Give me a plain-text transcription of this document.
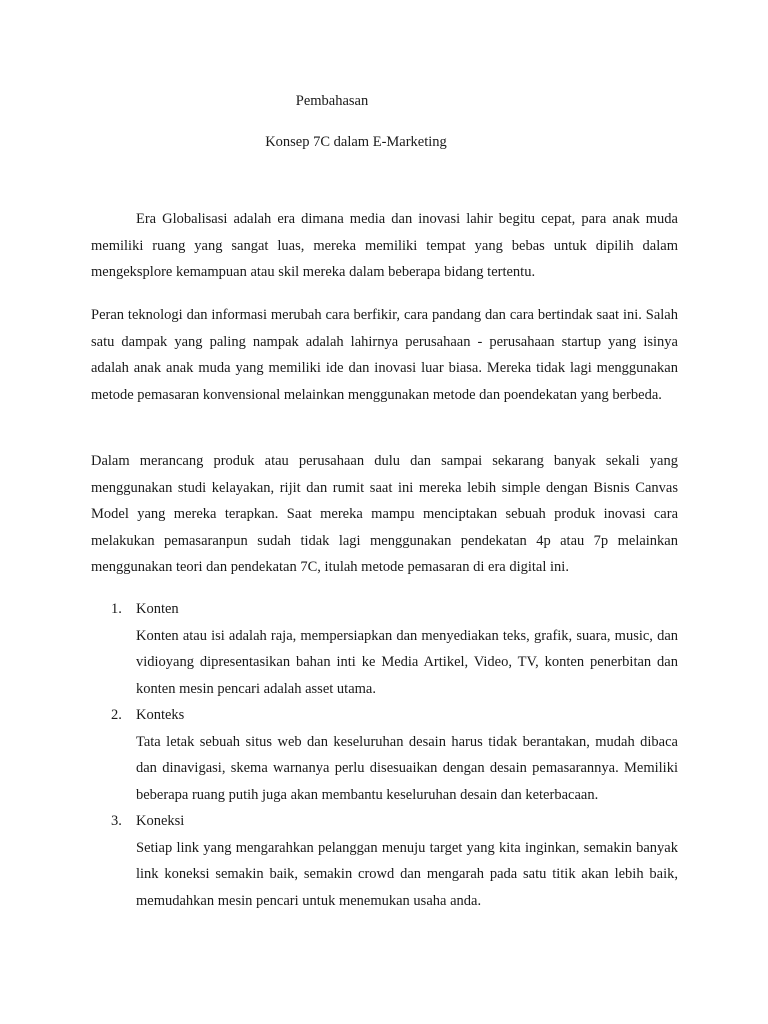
Pembahasan
Konsep 7C dalam E-Marketing

Era Globalisasi adalah era dimana media dan inovasi lahir begitu cepat, para anak muda memiliki ruang yang sangat luas, mereka memiliki tempat yang bebas untuk dipilih dalam mengeksplore kemampuan atau skil mereka dalam beberapa bidang tertentu.

Peran teknologi dan informasi merubah cara berfikir, cara pandang dan cara bertindak saat ini. Salah satu dampak yang paling nampak adalah lahirnya perusahaan - perusahaan startup yang isinya adalah anak anak muda yang memiliki ide dan inovasi luar biasa. Mereka tidak lagi menggunakan metode pemasaran konvensional melainkan menggunakan metode dan poendekatan yang berbeda.

Dalam merancang produk atau perusahaan dulu dan sampai sekarang banyak sekali yang menggunakan studi kelayakan, rijit dan rumit saat ini mereka lebih simple dengan Bisnis Canvas Model yang mereka terapkan. Saat mereka mampu menciptakan sebuah produk inovasi cara melakukan pemasaranpun sudah tidak lagi menggunakan pendekatan 4p atau 7p melainkan menggunakan teori dan pendekatan 7C, itulah metode pemasaran di era digital ini.

1. Konten
Konten atau isi adalah raja, mempersiapkan dan menyediakan teks, grafik, suara, music, dan vidioyang dipresentasikan bahan inti ke Media Artikel, Video, TV, konten penerbitan dan konten mesin pencari adalah asset utama.
2. Konteks
Tata letak sebuah situs web dan keseluruhan desain harus tidak berantakan, mudah dibaca dan dinavigasi, skema warnanya perlu disesuaikan dengan desain pemasarannya. Memiliki beberapa ruang putih juga akan membantu keseluruhan desain dan keterbacaan.
3. Koneksi
Setiap link yang mengarahkan pelanggan menuju target yang kita inginkan, semakin banyak link koneksi semakin baik, semakin crowd dan mengarah pada satu titik akan lebih baik, memudahkan mesin pencari untuk menemukan usaha anda.
